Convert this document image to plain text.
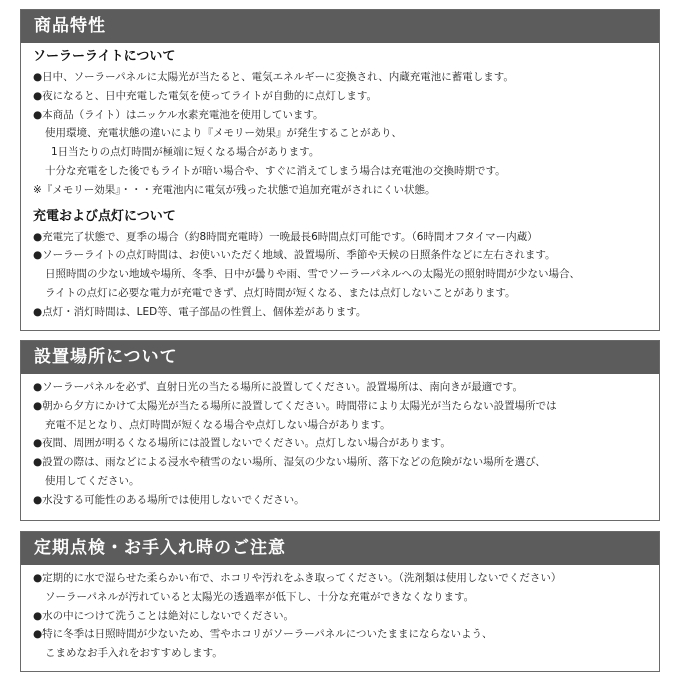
商品特性
ソーラーライトについて
●日中、ソーラーパネルに太陽光が当たると、電気エネルギーに変換され、内蔵充電池に蓄電します。
●夜になると、日中充電した電気を使ってライトが自動的に点灯します。
●本商品（ライト）はニッケル水素充電池を使用しています。
使用環境、充電状態の違いにより『メモリー効果』が発生することがあり、
1日当たりの点灯時間が極端に短くなる場合があります。
十分な充電をした後でもライトが暗い場合や、すぐに消えてしまう場合は充電池の交換時期です。
※『メモリー効果』・・・充電池内に電気が残った状態で追加充電がされにくい状態。
充電および点灯について
●充電完了状態で、夏季の場合（約8時間充電時）一晩最長6時間点灯可能です。（6時間オフタイマー内蔵）
●ソーラーライトの点灯時間は、お使いいただく地域、設置場所、季節や天候の日照条件などに左右されます。
日照時間の少ない地域や場所、冬季、日中が曇りや雨、雪でソーラーパネルへの太陽光の照射時間が少ない場合、
ライトの点灯に必要な電力が充電できず、点灯時間が短くなる、または点灯しないことがあります。
●点灯・消灯時間は、LED等、電子部品の性質上、個体差があります。
設置場所について
●ソーラーパネルを必ず、直射日光の当たる場所に設置してください。設置場所は、南向きが最適です。
●朝から夕方にかけて太陽光が当たる場所に設置してください。時間帯により太陽光が当たらない設置場所では
充電不足となり、点灯時間が短くなる場合や点灯しない場合があります。
●夜間、周囲が明るくなる場所には設置しないでください。点灯しない場合があります。
●設置の際は、雨などによる浸水や積雪のない場所、湿気の少ない場所、落下などの危険がない場所を選び、
使用してください。
●水没する可能性のある場所では使用しないでください。
定期点検・お手入れ時のご注意
●定期的に水で湿らせた柔らかい布で、ホコリや汚れをふき取ってください。（洗剤類は使用しないでください）
ソーラーパネルが汚れていると太陽光の透過率が低下し、十分な充電ができなくなります。
●水の中につけて洗うことは絶対にしないでください。
●特に冬季は日照時間が少ないため、雪やホコリがソーラーパネルについたままにならないよう、
こまめなお手入れをおすすめします。
